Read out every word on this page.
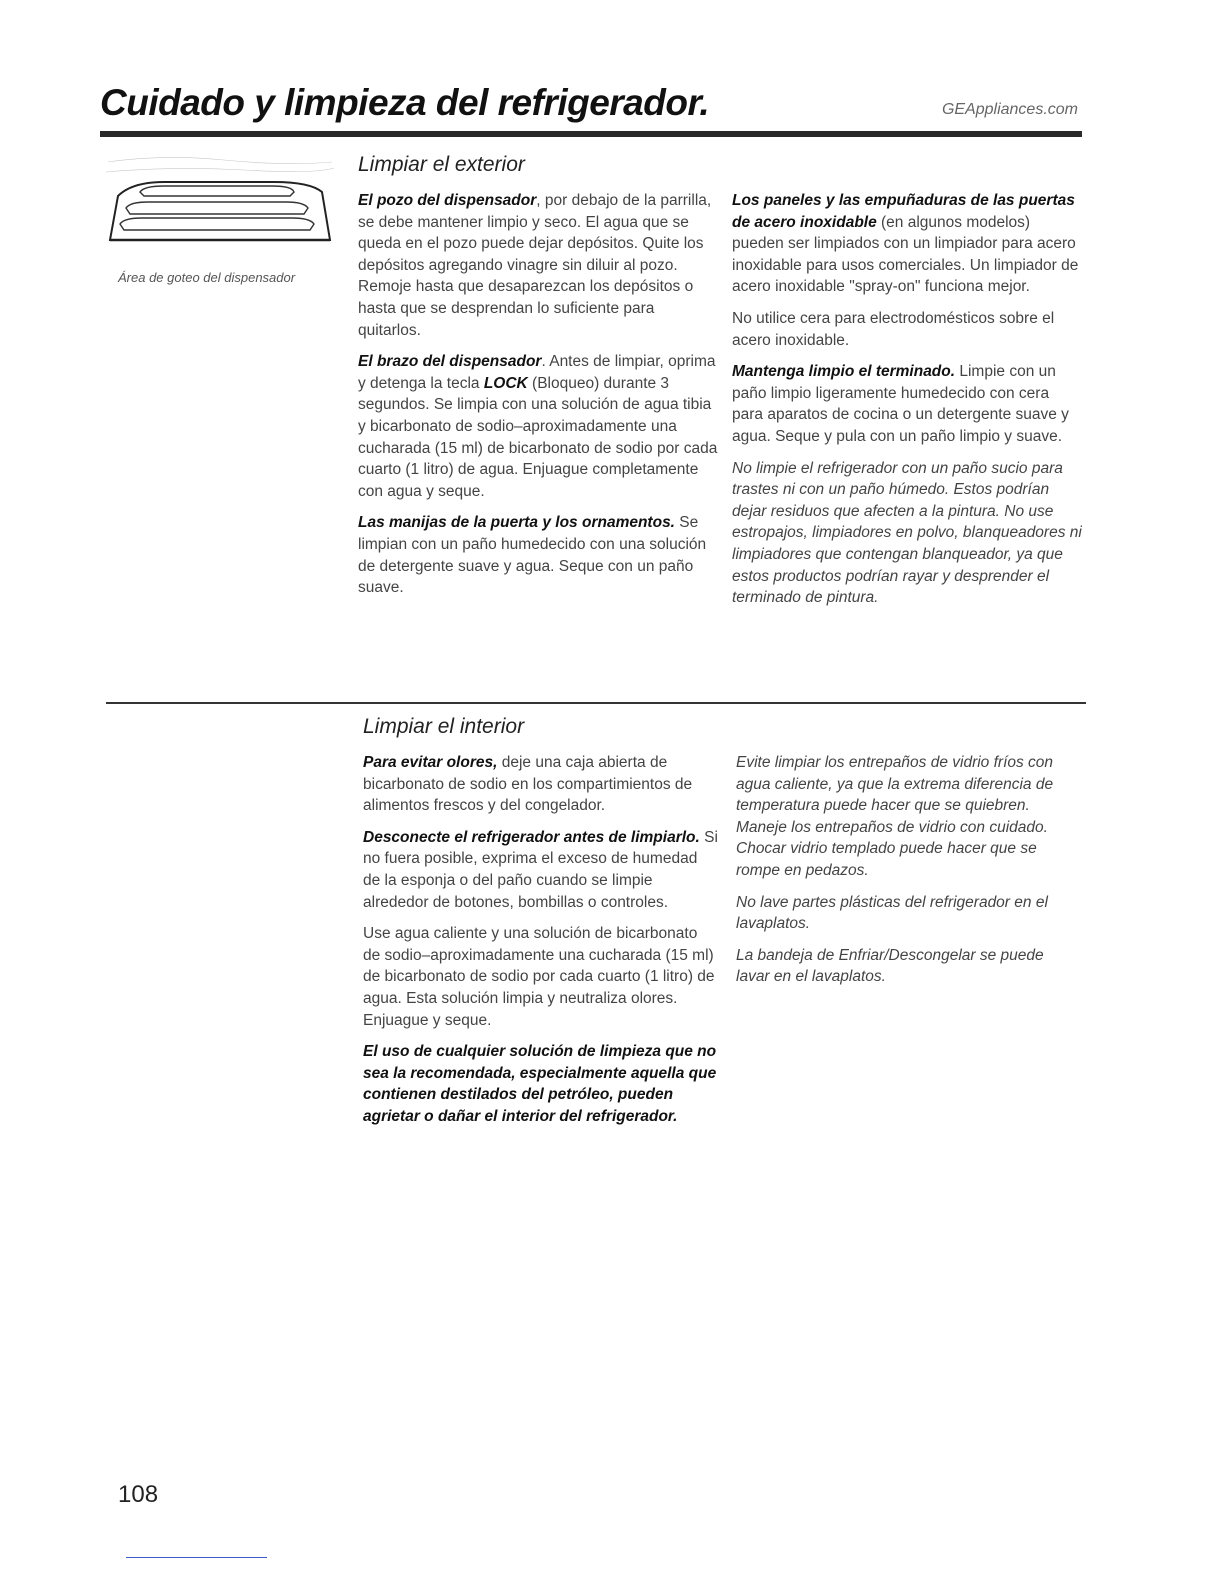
Cuidado y limpieza del refrigerador.	GEAppliances.com
Área de goteo del dispensador
Limpiar el exterior

El pozo del dispensador, por debajo de la parrilla, se debe mantener limpio y seco. El agua que se queda en el pozo puede dejar depósitos. Quite los depósitos agregando vinagre sin diluir al pozo. Remoje hasta que desaparezcan los depósitos o hasta que se desprendan lo suficiente para quitarlos.

El brazo del dispensador. Antes de limpiar, oprima y detenga la tecla LOCK (Bloqueo) durante 3 segundos. Se limpia con una solución de agua tibia y bicarbonato de sodio–aproximadamente una cucharada (15 ml) de bicarbonato de sodio por cada cuarto (1 litro) de agua. Enjuague completamente con agua y seque.

Las manijas de la puerta y los ornamentos. Se limpian con un paño humedecido con una solución de detergente suave y agua. Seque con un paño suave.

Los paneles y las empuñaduras de las puertas de acero inoxidable (en algunos modelos) pueden ser limpiados con un limpiador para acero inoxidable para usos comerciales. Un limpiador de acero inoxidable "spray-on" funciona mejor.

No utilice cera para electrodomésticos sobre el acero inoxidable.

Mantenga limpio el terminado. Limpie con un paño limpio ligeramente humedecido con cera para aparatos de cocina o un detergente suave y agua. Seque y pula con un paño limpio y suave.

No limpie el refrigerador con un paño sucio para trastes ni con un paño húmedo. Estos podrían dejar residuos que afecten a la pintura. No use estropajos, limpiadores en polvo, blanqueadores ni limpiadores que contengan blanqueador, ya que estos productos podrían rayar y desprender el terminado de pintura.

Limpiar el interior

Para evitar olores, deje una caja abierta de bicarbonato de sodio en los compartimientos de alimentos frescos y del congelador.

Desconecte el refrigerador antes de limpiarlo. Si no fuera posible, exprima el exceso de humedad de la esponja o del paño cuando se limpie alrededor de botones, bombillas o controles.

Use agua caliente y una solución de bicarbonato de sodio–aproximadamente una cucharada (15 ml) de bicarbonato de sodio por cada cuarto (1 litro) de agua. Esta solución limpia y neutraliza olores. Enjuague y seque.

El uso de cualquier solución de limpieza que no sea la recomendada, especialmente aquella que contienen destilados del petróleo, pueden agrietar o dañar el interior del refrigerador.

Evite limpiar los entrepaños de vidrio fríos con agua caliente, ya que la extrema diferencia de temperatura puede hacer que se quiebren. Maneje los entrepaños de vidrio con cuidado. Chocar vidrio templado puede hacer que se rompe en pedazos.

No lave partes plásticas del refrigerador en el lavaplatos.

La bandeja de Enfriar/Descongelar se puede lavar en el lavaplatos.

108
